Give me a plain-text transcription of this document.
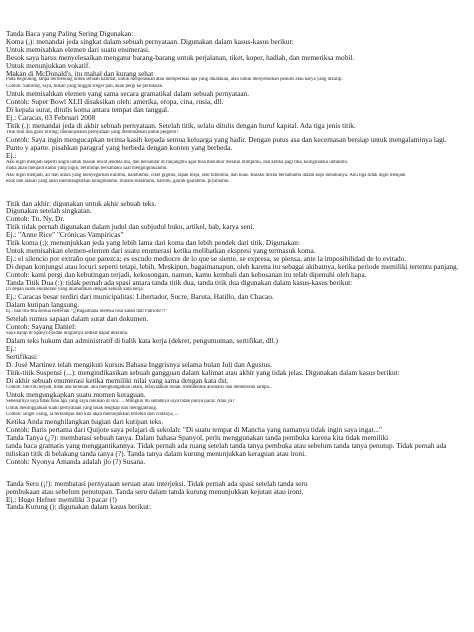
Tanda Baca yang Paling Sering Digunakan:
Koma (,): menandai jeda singkat dalam sebuah pernyataan. Digunakan dalam kasus-kasus berikut:
Untuk memisahkan elemen dari suatu enumerasi.
Besok saya harus menyelesaikan mengatur barang-barang untuk perjalanan, tiket, koper, hadiah, dan memeriksa mobil.
Untuk menunjukkan vokatif.
Makan di McDonald's, itu mahal dan kurang sehat
Pada beginning, tanpa bermenung untuk sebuah kalimat, untuk menjelaskan atau memperluas apa yang dikatakan, atau untuk menyebutkan penulis atau karya yang dikutip.
Contoh: Saturday, saya, bukan yang tinggal singer pah, akan pergi ke pertokoan.
Untuk memisahkan elemen yang sama secara gramatikal dalam sebuah pernyataan.
Contoh: Super Bowl XLII disaksikan oleh: amerika, eropa, cina, rusia, dll.
Di kepala surat, ditulis koma antara tempat dan tanggal.
Ej.: Caracas, 03 Februari 2008
Titik (.): menandai jeda di akhir sebuah pernyataan. Setelah titik, selalu ditulis dengan huruf kapital. Ada tiga jenis titik.
Titik titik dua garis miring: menunjukkan pernyataan yang membuatkan untuk pergemi?
Contoh: Saya ingin mengucapkan terima kasih kepada semua keluarga yang hadir. Dengan putus asa dan kecemasan bersiap untuk mengalaminya lagi.
Punto y aparte. pisahkan paragraf yang berbeda dengan konten yang berbeda.
Ej.:
Aku ingin menjadi seperti angin untuk masuk lewat jendela mu, dan bersandar di ranjangmu agar bisa melumur melalui mimpimu, dan ketika pagi tiba, keinginanku untukmu.
maka akan menjadi kamu yang ingin, bermimpi bersamaku saat menginginkanmu.
Aku ingin menjadi, air dan udara yang menyegarkan kulitmu, kandukmu, ciket gigimu, tapak meja, seni tubuhmu, dan kuas. Baraku dirikn bersamamu dalam kopi melaluinya. Aku tiga tidak ingin menjadi
esok dan alasan yang akan membangkitkan keinginanmu, malam-malammu, harimu, gairah-gairahmu, piyamamu.
Titik dan akhir: digunakan untuk akhir sebuah teks.
Digunakan setelah singkatan.
Contoh: Tn. Ny. Dr.
Titik tidak pernah digunakan dalam judul dan subjudul buku, artikel, bab, karya seni.
Ej.: "Anne Rice" "Crónicas Vampíricas"
Titik koma (;): menunjukkan jeda yang lebih lama dari koma dan lebih pendek dari titik. Digunakan:
Untuk memisahkan elemen-elemen dari suatu enumerasi ketika melibatkan ekspresi yang termasuk koma.
Ej.: el silencio por extraño que parezca; es escudo mediocre de lo que se siente, se expresa, se piensa, ante la imposibilidad de lo evitado.
Di depan konjungsi atau locuci seperti tetapi, lebih. Meskipun, bagaimanapun, oleh karena itu sebagai akibatnya, ketika periode memiliki tertentu panjang.
Contoh: kami pergi dan kebutingan terjadi, kekosongan, namun, kamu kembali dan kebosanan itu telah dipenuhi oleh hapa.
Tanda Titik Dua (:): tidak pernah ada spasi antara tanda titik dua, tanda titik dua digunakan dalam kasus-kasus berikut:
Di depan suatu enumerasi yang diumumkan dengan sebuah kata kerja.
Ej.: Caracas besar terdiri dari municipalitas: Libertador, Sucre, Baruta, Hatillo, dan Chacao.
Dalam kutipan langsung.
Ej.: dan titu-titu semua berteriak "¡¿Bagaimana mereka bisa kalah dari Patriots!?!"
Setelah rumus sapaan dalam surat dan dokumen.
Contoh: Sayang Daniel:
Saya harap di Spanyol sudah dinginnya sedikit dapat diterima.
Dalam teks hukum dan administratif di balik kata kerja (dekret, pengumuman, sertifikat, dll.)
Ej.:
Sertifikasi:
D. José Martínez telah mengikuti kursus Bahasa Inggrisnya selama bulan Juli dan Agustus.
Titik-titik Suspensi (...): mengindikasikan sebuah gangguan dalam kalimat atau akhir yang tidak jelas. Digunakan dalam kasus berikut:
Di akhir sebuah enumerasi ketika memiliki nilai yang sama dengan kata dst.
Contoh: titu-titu terjadi, tidak ada keluhan: aku menghangatkan udara, menyalakan bulan, membentuk aromatis dan memerikan lampu...
Untuk mengungkapkan suatu momen keraguan.
Sebenarnya saya tidak tahu apa yang saya lakukan di sini..... Mungkin itu sebabnya saya tidak punya pacar. Atau ya?
Untuk meninggalkan suatu pernyataan yang tidak lengkap dan menggantung.
Contoh: singer orang, ia terkumpul dan kita akan menunjukkan terlebih dari cintanya, ...
Ketika Anda menghilangkan bagian dari kutipan teks.
Contoh: Baris pertama dari Quijote saya pelajari di sekolah: "Di suatu tempat di Mancha yang namanya tidak ingin saya ingat..."
Tanda Tanya (¿?): membatasi sebuah tanya. Dalam bahasa Spanyol, perlu menggunakan tanda pembuka karena kita tidak memiliki
tanda baca gramatis yang menggantikannya. Tidak pernah ada ruang setelah tanda tanya pembuka atau sebelum tanda tanya penutup. Tidak pernah ada
tuliskan titik di belakang tanda tanya (?). Tanda tanya dalam kurung menunjukkan keraguan atau ironi.
Contoh: Nyonya Amanda adalah jlo (?) Susana.
Tanda Seru (¡!): membatasi pernyataan seruan atau interjeksi. Tidak pernah ada spasi setelah tanda seru
pembukaan atau sebelum penutupan. Tanda seru dalam tanda kurung menunjukkan kejutan atau ironi.
Ej.: Hugo Hefner memiliki 3 pacar (!)
Tanda Kurung (): digunakan dalam kasus berikut:
